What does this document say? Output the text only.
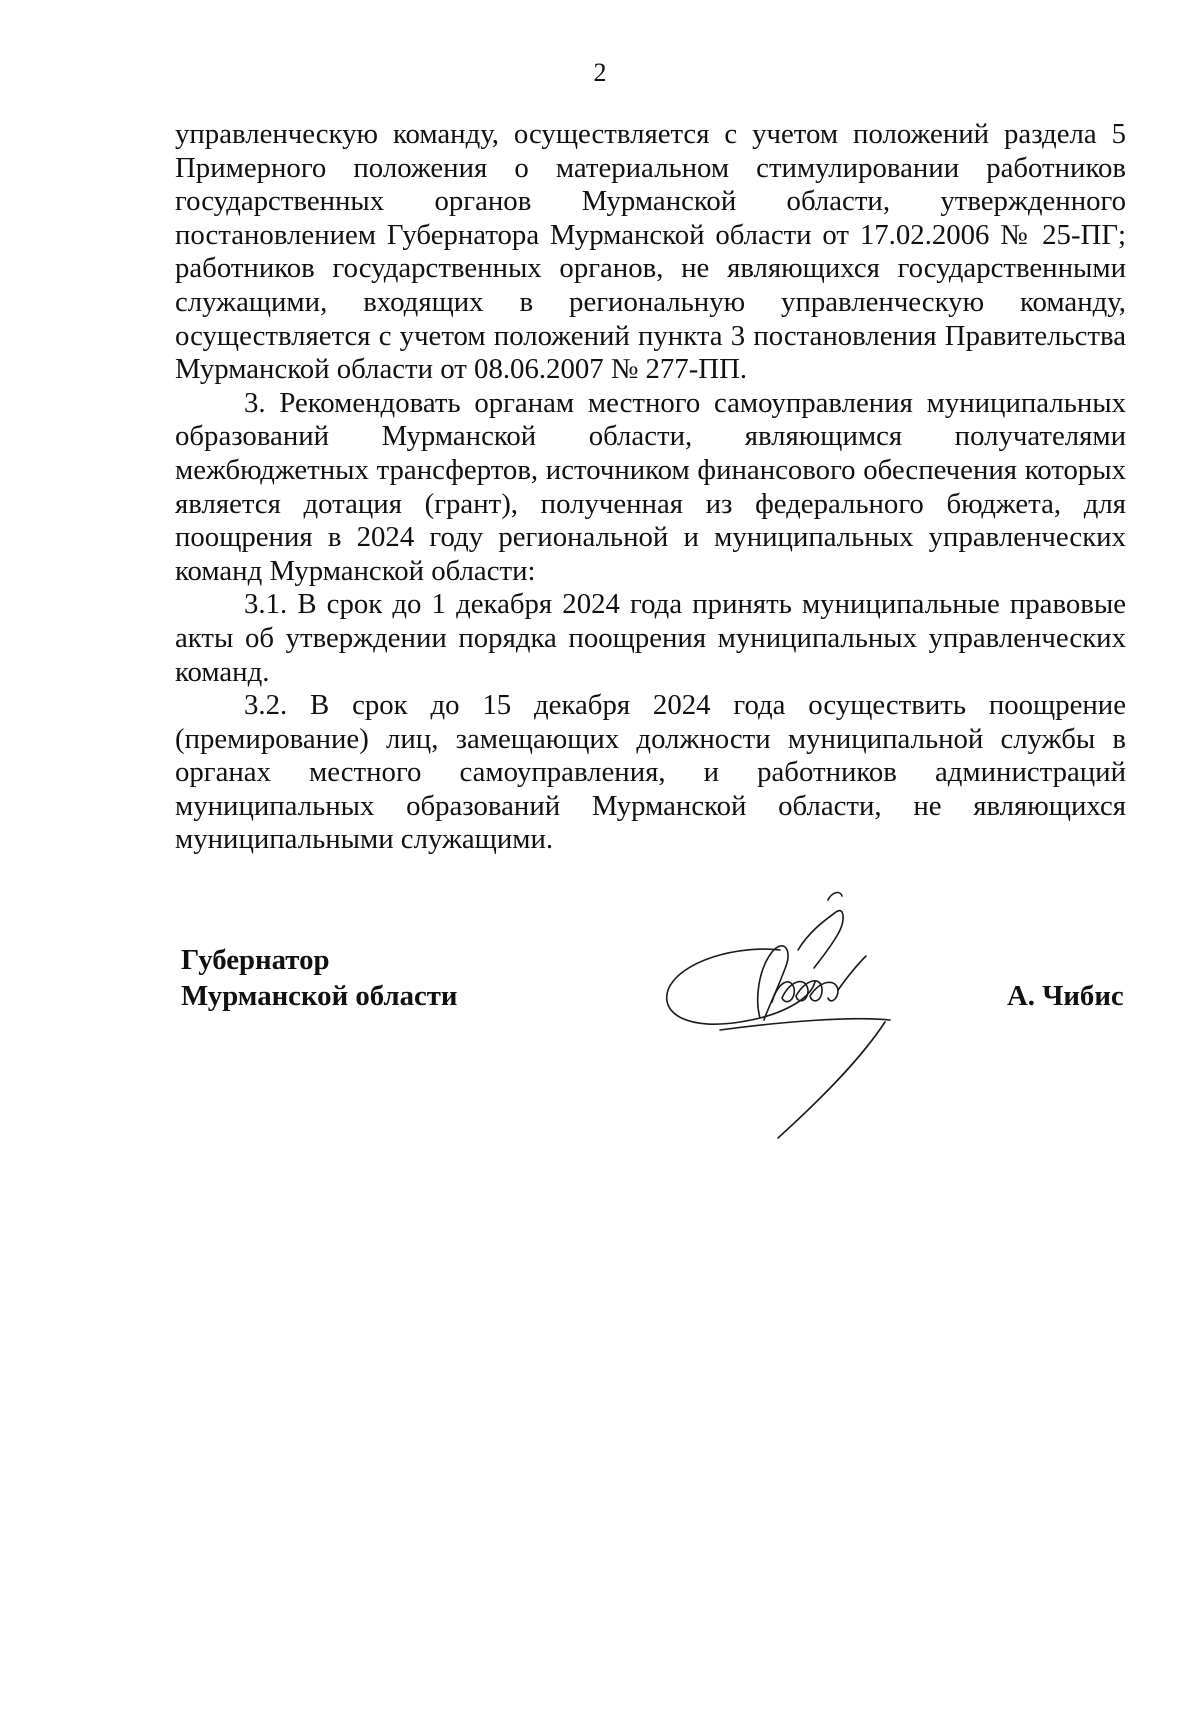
2

управленческую команду, осуществляется с учетом положений раздела 5 Примерного положения о материальном стимулировании работников государственных органов Мурманской области, утвержденного постановлением Губернатора Мурманской области от 17.02.2006 № 25-ПГ; работников государственных органов, не являющихся государственными служащими, входящих в региональную управленческую команду, осуществляется с учетом положений пункта 3 постановления Правительства Мурманской области от 08.06.2007 № 277-ПП.

3. Рекомендовать органам местного самоуправления муниципальных образований Мурманской области, являющимся получателями межбюджетных трансфертов, источником финансового обеспечения которых является дотация (грант), полученная из федерального бюджета, для поощрения в 2024 году региональной и муниципальных управленческих команд Мурманской области:

3.1. В срок до 1 декабря 2024 года принять муниципальные правовые акты об утверждении порядка поощрения муниципальных управленческих команд.

3.2. В срок до 15 декабря 2024 года осуществить поощрение (премирование) лиц, замещающих должности муниципальной службы в органах местного самоуправления, и работников администраций муниципальных образований Мурманской области, не являющихся муниципальными служащими.

Губернатор
Мурманской области	А. Чибис
